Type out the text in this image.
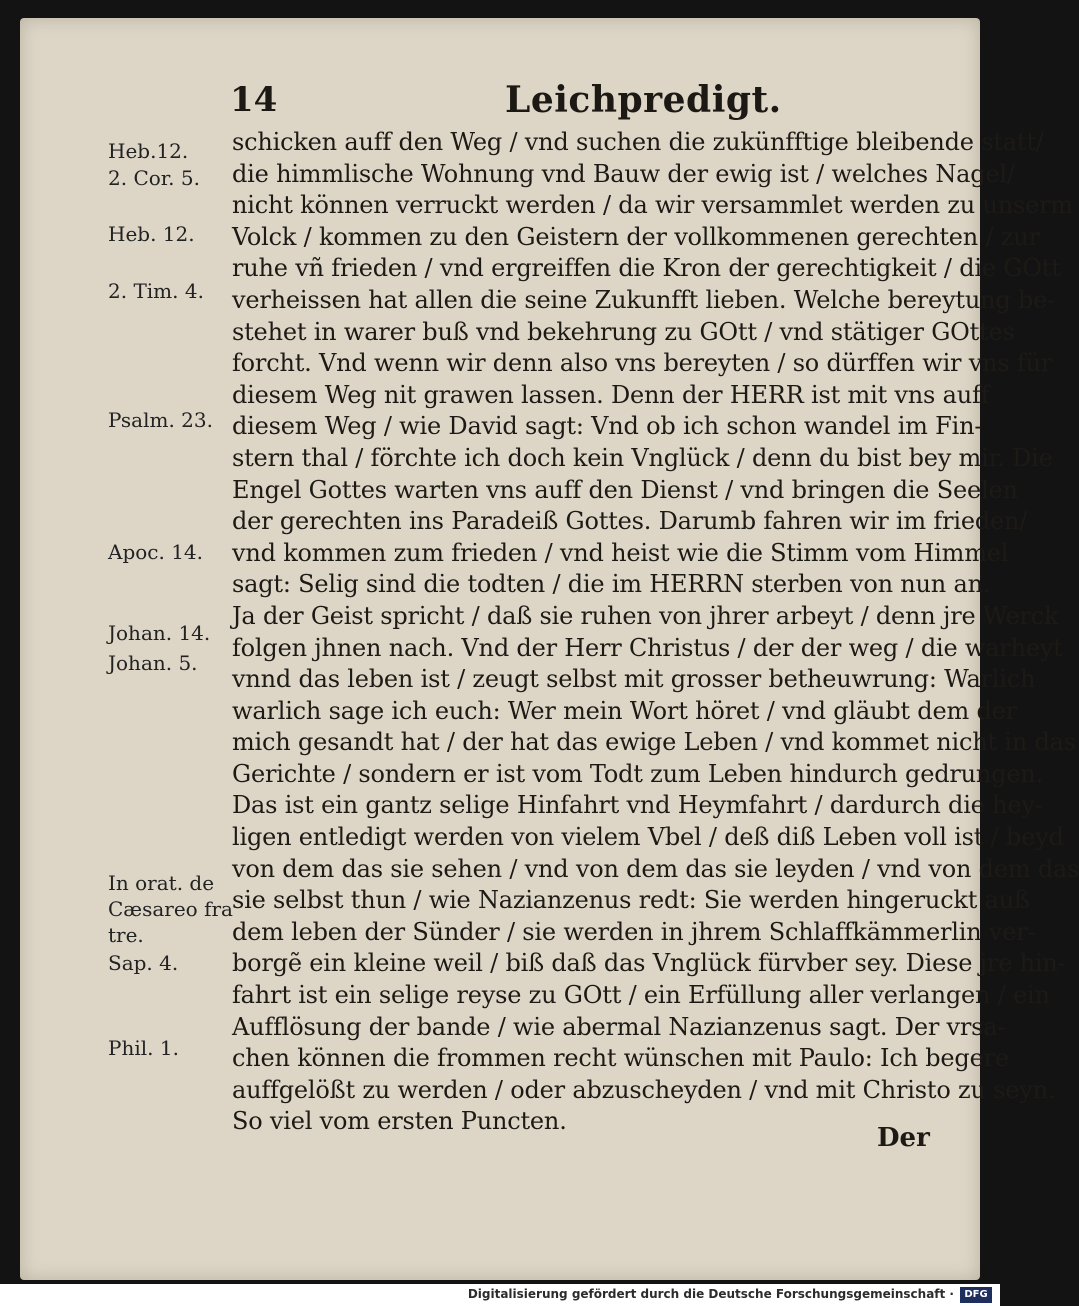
14	Leichpredigt.
Heb.12.
2. Cor. 5.
Heb. 12.
2. Tim. 4.
Psalm. 23.
Apoc. 14.
Johan. 14.
Johan. 5.
In orat. de
Cæsareo fra
tre.
Sap. 4.
Phil. 1.
schicken auff den Weg / vnd suchen die zukünfftige bleibende statt/
die himmlische Wohnung vnd Bauw der ewig ist / welches Nagel/
nicht können verruckt werden / da wir versammlet werden zu unserm
Volck / kommen zu den Geistern der vollkommenen gerechten / zur
ruhe vñ frieden / vnd ergreiffen die Kron der gerechtigkeit / die GOtt
verheissen hat allen die seine Zukunfft lieben. Welche bereytung be-
stehet in warer buß vnd bekehrung zu GOtt / vnd stätiger GOttes
forcht. Vnd wenn wir denn also vns bereyten / so dürffen wir vns für
diesem Weg nit grawen lassen. Denn der HERR ist mit vns auff
diesem Weg / wie David sagt: Vnd ob ich schon wandel im Fin-
stern thal / förchte ich doch kein Vnglück / denn du bist bey mir. Die
Engel Gottes warten vns auff den Dienst / vnd bringen die Seelen
der gerechten ins Paradeiß Gottes. Darumb fahren wir im frieden/
vnd kommen zum frieden / vnd heist wie die Stimm vom Himmel
sagt: Selig sind die todten / die im HERRN sterben von nun an.
Ja der Geist spricht / daß sie ruhen von jhrer arbeyt / denn jre Werck
folgen jhnen nach. Vnd der Herr Christus / der der weg / die warheyt
vnnd das leben ist / zeugt selbst mit grosser betheuwrung: Warlich
warlich sage ich euch: Wer mein Wort höret / vnd gläubt dem der
mich gesandt hat / der hat das ewige Leben / vnd kommet nicht in das
Gerichte / sondern er ist vom Todt zum Leben hindurch gedrungen.
Das ist ein gantz selige Hinfahrt vnd Heymfahrt / dardurch die hey-
ligen entledigt werden von vielem Vbel / deß diß Leben voll ist / beyd
von dem das sie sehen / vnd von dem das sie leyden / vnd von dem das
sie selbst thun / wie Nazianzenus redt: Sie werden hingeruckt auß
dem leben der Sünder / sie werden in jhrem Schlaffkämmerlin ver-
borgẽ ein kleine weil / biß daß das Vnglück fürvber sey. Diese jre hin-
fahrt ist ein selige reyse zu GOtt / ein Erfüllung aller verlangen / ein
Aufflösung der bande / wie abermal Nazianzenus sagt. Der vrsa-
chen können die frommen recht wünschen mit Paulo: Ich begere
auffgelößt zu werden / oder abzuscheyden / vnd mit Christo zu seyn.
So viel vom ersten Puncten.
Der
Digitalisierung gefördert durch die Deutsche Forschungsgemeinschaft ·	DFG
